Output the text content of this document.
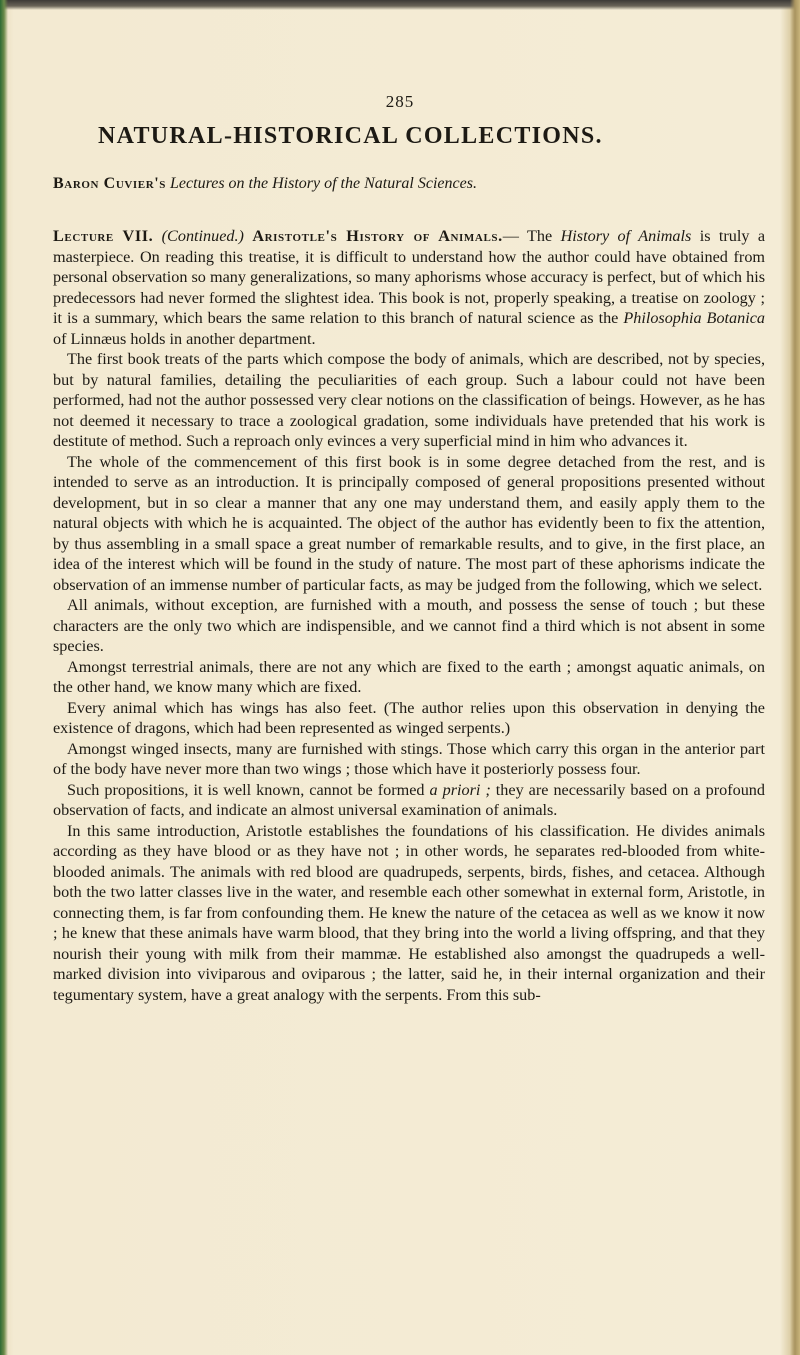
285
NATURAL-HISTORICAL COLLECTIONS.
Baron Cuvier's Lectures on the History of the Natural Sciences.

Lecture VII. (Continued.) Aristotle's History of Animals.— The History of Animals is truly a masterpiece. On reading this treatise, it is difficult to understand how the author could have obtained from personal observation so many generalizations, so many aphorisms whose accuracy is perfect, but of which his predecessors had never formed the slightest idea. This book is not, properly speaking, a treatise on zoology ; it is a summary, which bears the same relation to this branch of natural science as the Philosophia Botanica of Linnæus holds in another department.

The first book treats of the parts which compose the body of animals, which are described, not by species, but by natural families, detailing the peculiarities of each group. Such a labour could not have been performed, had not the author possessed very clear notions on the classification of beings. However, as he has not deemed it necessary to trace a zoological gradation, some individuals have pretended that his work is destitute of method. Such a reproach only evinces a very superficial mind in him who advances it.

The whole of the commencement of this first book is in some degree detached from the rest, and is intended to serve as an introduction. It is principally composed of general propositions presented without development, but in so clear a manner that any one may understand them, and easily apply them to the natural objects with which he is acquainted. The object of the author has evidently been to fix the attention, by thus assembling in a small space a great number of remarkable results, and to give, in the first place, an idea of the interest which will be found in the study of nature. The most part of these aphorisms indicate the observation of an immense number of particular facts, as may be judged from the following, which we select.

All animals, without exception, are furnished with a mouth, and possess the sense of touch ; but these characters are the only two which are indispensible, and we cannot find a third which is not absent in some species.

Amongst terrestrial animals, there are not any which are fixed to the earth ; amongst aquatic animals, on the other hand, we know many which are fixed.

Every animal which has wings has also feet. (The author relies upon this observation in denying the existence of dragons, which had been represented as winged serpents.)

Amongst winged insects, many are furnished with stings. Those which carry this organ in the anterior part of the body have never more than two wings ; those which have it posteriorly possess four.

Such propositions, it is well known, cannot be formed a priori ; they are necessarily based on a profound observation of facts, and indicate an almost universal examination of animals.

In this same introduction, Aristotle establishes the foundations of his classification. He divides animals according as they have blood or as they have not ; in other words, he separates red-blooded from white-blooded animals. The animals with red blood are quadrupeds, serpents, birds, fishes, and cetacea. Although both the two latter classes live in the water, and resemble each other somewhat in external form, Aristotle, in connecting them, is far from confounding them. He knew the nature of the cetacea as well as we know it now ; he knew that these animals have warm blood, that they bring into the world a living offspring, and that they nourish their young with milk from their mammæ. He established also amongst the quadrupeds a well-marked division into viviparous and oviparous ; the latter, said he, in their internal organization and their tegumentary system, have a great analogy with the serpents. From this sub-
